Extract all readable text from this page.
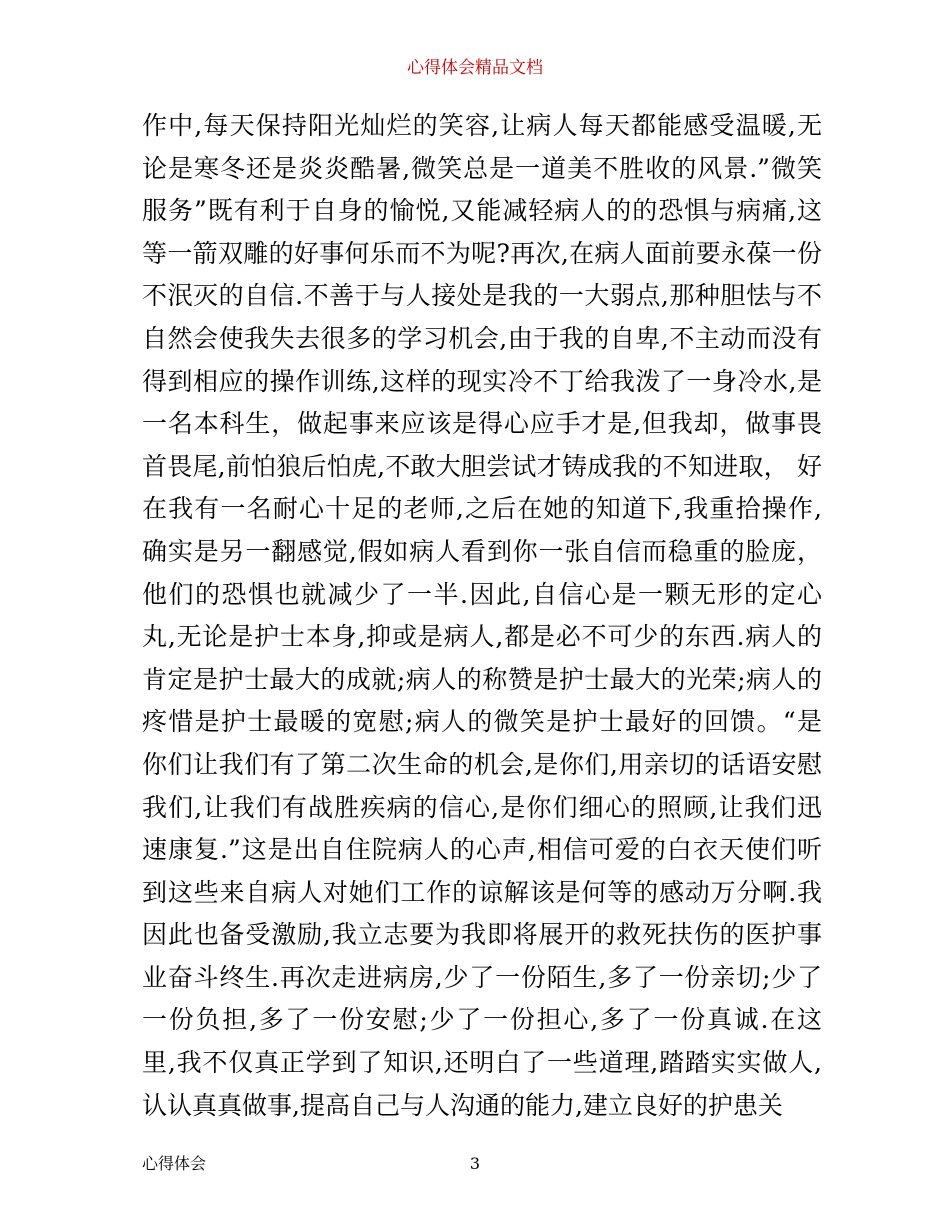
心得体会精品文档
作中,每天保持阳光灿烂的笑容,让病人每天都能感受温暖,无
论是寒冬还是炎炎酷暑,微笑总是一道美不胜收的风景.”微笑
服务”既有利于自身的愉悦,又能减轻病人的的恐惧与病痛,这
等一箭双雕的好事何乐而不为呢?再次,在病人面前要永葆一份
不泯灭的自信.不善于与人接处是我的一大弱点,那种胆怯与不
自然会使我失去很多的学习机会,由于我的自卑,不主动而没有
得到相应的操作训练,这样的现实冷不丁给我泼了一身冷水,是
一名本科生，做起事来应该是得心应手才是,但我却，做事畏
首畏尾,前怕狼后怕虎,不敢大胆尝试才铸成我的不知进取， 好
在我有一名耐心十足的老师,之后在她的知道下,我重拾操作,
确实是另一翻感觉,假如病人看到你一张自信而稳重的脸庞，
他们的恐惧也就减少了一半.因此,自信心是一颗无形的定心
丸,无论是护士本身,抑或是病人,都是必不可少的东西.病人的
肯定是护士最大的成就;病人的称赞是护士最大的光荣;病人的
疼惜是护士最暖的宽慰;病人的微笑是护士最好的回馈。“是
你们让我们有了第二次生命的机会,是你们,用亲切的话语安慰
我们,让我们有战胜疾病的信心,是你们细心的照顾,让我们迅
速康复.”这是出自住院病人的心声,相信可爱的白衣天使们听
到这些来自病人对她们工作的谅解该是何等的感动万分啊.我
因此也备受激励,我立志要为我即将展开的救死扶伤的医护事
业奋斗终生.再次走进病房,少了一份陌生,多了一份亲切;少了
一份负担,多了一份安慰;少了一份担心,多了一份真诚.在这
里,我不仅真正学到了知识,还明白了一些道理,踏踏实实做人,
认认真真做事,提高自己与人沟通的能力,建立良好的护患关
心得体会	3
